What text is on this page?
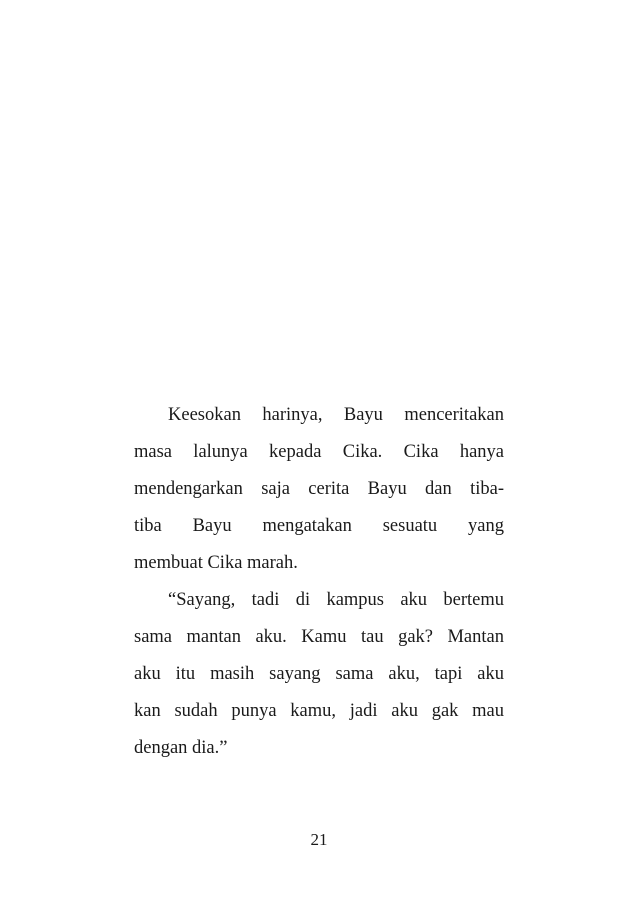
Keesokan harinya, Bayu menceritakan
masa lalunya kepada Cika. Cika hanya
mendengarkan saja cerita Bayu dan tiba-
tiba Bayu mengatakan sesuatu yang
membuat Cika marah.
“Sayang, tadi di kampus aku bertemu
sama mantan aku. Kamu tau gak? Mantan
aku itu masih sayang sama aku, tapi aku
kan sudah punya kamu, jadi aku gak mau
dengan dia.”
21
